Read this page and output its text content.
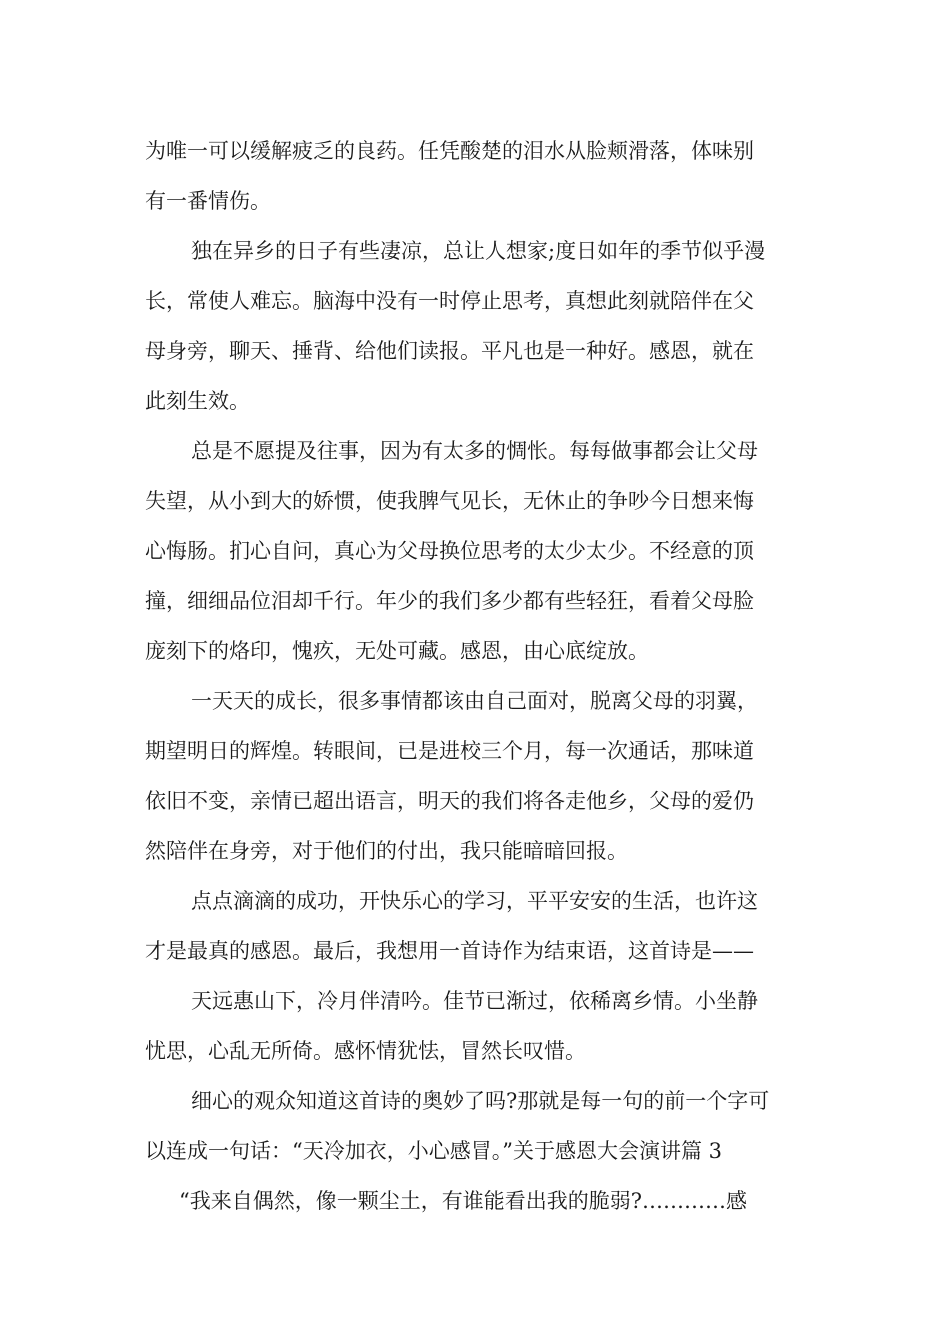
为唯一可以缓解疲乏的良药。任凭酸楚的泪水从脸颊滑落，体味别
有一番情伤。

独在异乡的日子有些凄凉，总让人想家;度日如年的季节似乎漫
长，常使人难忘。脑海中没有一时停止思考，真想此刻就陪伴在父
母身旁，聊天、捶背、给他们读报。平凡也是一种好。感恩，就在
此刻生效。

总是不愿提及往事，因为有太多的惆怅。每每做事都会让父母
失望，从小到大的娇惯，使我脾气见长，无休止的争吵今日想来悔
心悔肠。扪心自问，真心为父母换位思考的太少太少。不经意的顶
撞，细细品位泪却千行。年少的我们多少都有些轻狂，看着父母脸
庞刻下的烙印，愧疚，无处可藏。感恩，由心底绽放。

一天天的成长，很多事情都该由自己面对，脱离父母的羽翼，
期望明日的辉煌。转眼间，已是进校三个月，每一次通话，那味道
依旧不变，亲情已超出语言，明天的我们将各走他乡，父母的爱仍
然陪伴在身旁，对于他们的付出，我只能暗暗回报。

点点滴滴的成功，开快乐心的学习，平平安安的生活，也许这
才是最真的感恩。最后，我想用一首诗作为结束语，这首诗是——

天远惠山下，冷月伴清吟。佳节已渐过，依稀离乡情。小坐静
忧思，心乱无所倚。感怀情犹怯，冒然长叹惜。

细心的观众知道这首诗的奥妙了吗?那就是每一句的前一个字可
以连成一句话：“天冷加衣，小心感冒。”关于感恩大会演讲篇 3

“我来自偶然，像一颗尘土，有谁能看出我的脆弱?…………感
